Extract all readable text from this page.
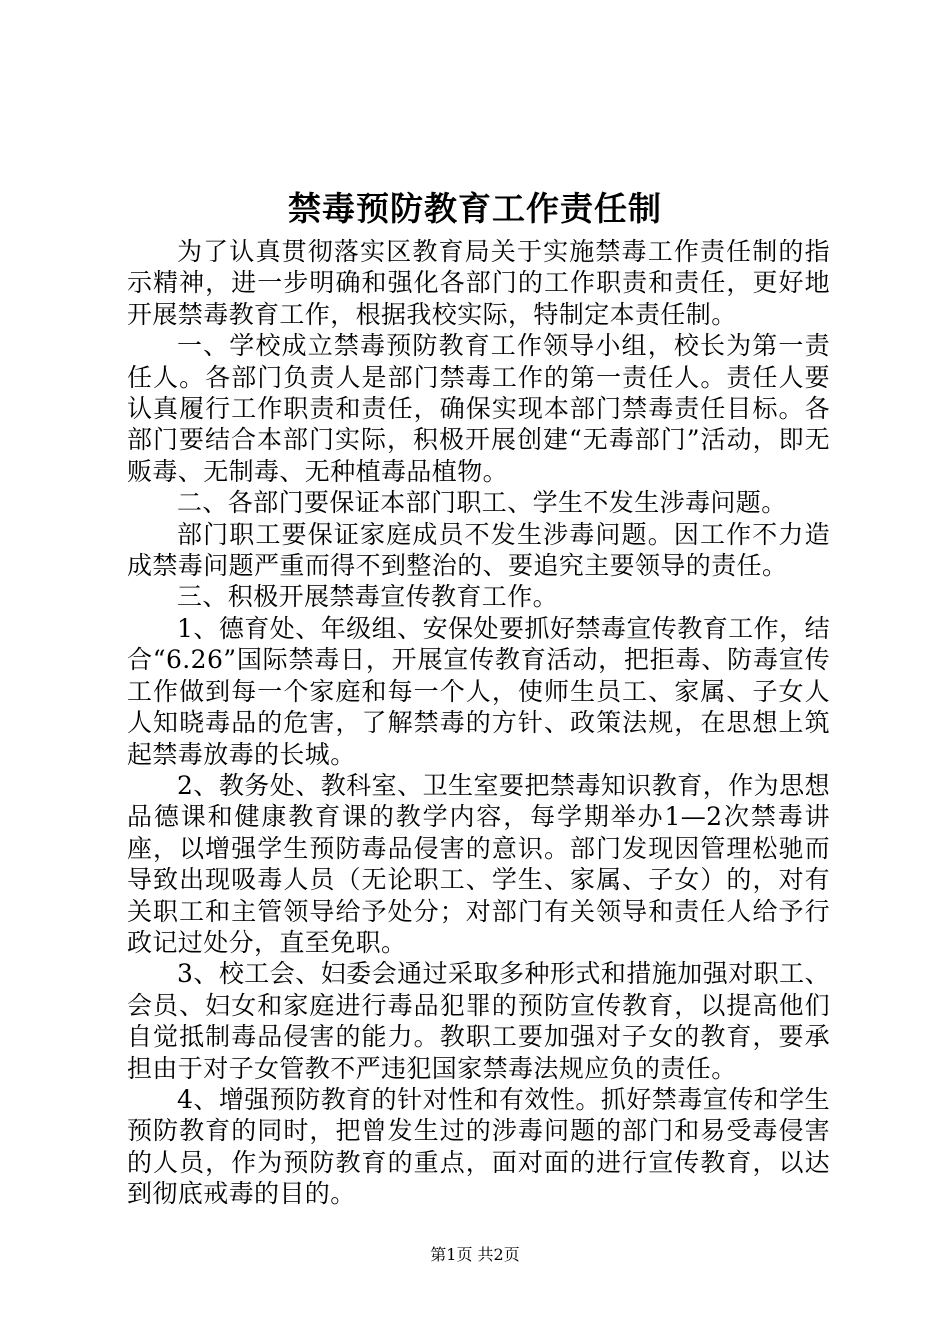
禁毒预防教育工作责任制

为了认真贯彻落实区教育局关于实施禁毒工作责任制的指示精神，进一步明确和强化各部门的工作职责和责任，更好地开展禁毒教育工作，根据我校实际，特制定本责任制。

一、学校成立禁毒预防教育工作领导小组，校长为第一责任人。各部门负责人是部门禁毒工作的第一责任人。责任人要认真履行工作职责和责任，确保实现本部门禁毒责任目标。各部门要结合本部门实际，积极开展创建“无毒部门”活动，即无贩毒、无制毒、无种植毒品植物。

二、各部门要保证本部门职工、学生不发生涉毒问题。

部门职工要保证家庭成员不发生涉毒问题。因工作不力造成禁毒问题严重而得不到整治的、要追究主要领导的责任。

三、积极开展禁毒宣传教育工作。

1、德育处、年级组、安保处要抓好禁毒宣传教育工作，结合“6.26”国际禁毒日，开展宣传教育活动，把拒毒、防毒宣传工作做到每一个家庭和每一个人，使师生员工、家属、子女人人知晓毒品的危害，了解禁毒的方针、政策法规，在思想上筑起禁毒放毒的长城。

2、教务处、教科室、卫生室要把禁毒知识教育，作为思想品德课和健康教育课的教学内容，每学期举办1—2次禁毒讲座，以增强学生预防毒品侵害的意识。部门发现因管理松驰而导致出现吸毒人员（无论职工、学生、家属、子女）的，对有关职工和主管领导给予处分；对部门有关领导和责任人给予行政记过处分，直至免职。

3、校工会、妇委会通过采取多种形式和措施加强对职工、会员、妇女和家庭进行毒品犯罪的预防宣传教育，以提高他们自觉抵制毒品侵害的能力。教职工要加强对子女的教育，要承担由于对子女管教不严违犯国家禁毒法规应负的责任。

4、增强预防教育的针对性和有效性。抓好禁毒宣传和学生预防教育的同时，把曾发生过的涉毒问题的部门和易受毒侵害的人员，作为预防教育的重点，面对面的进行宣传教育，以达到彻底戒毒的目的。

第1页 共2页
